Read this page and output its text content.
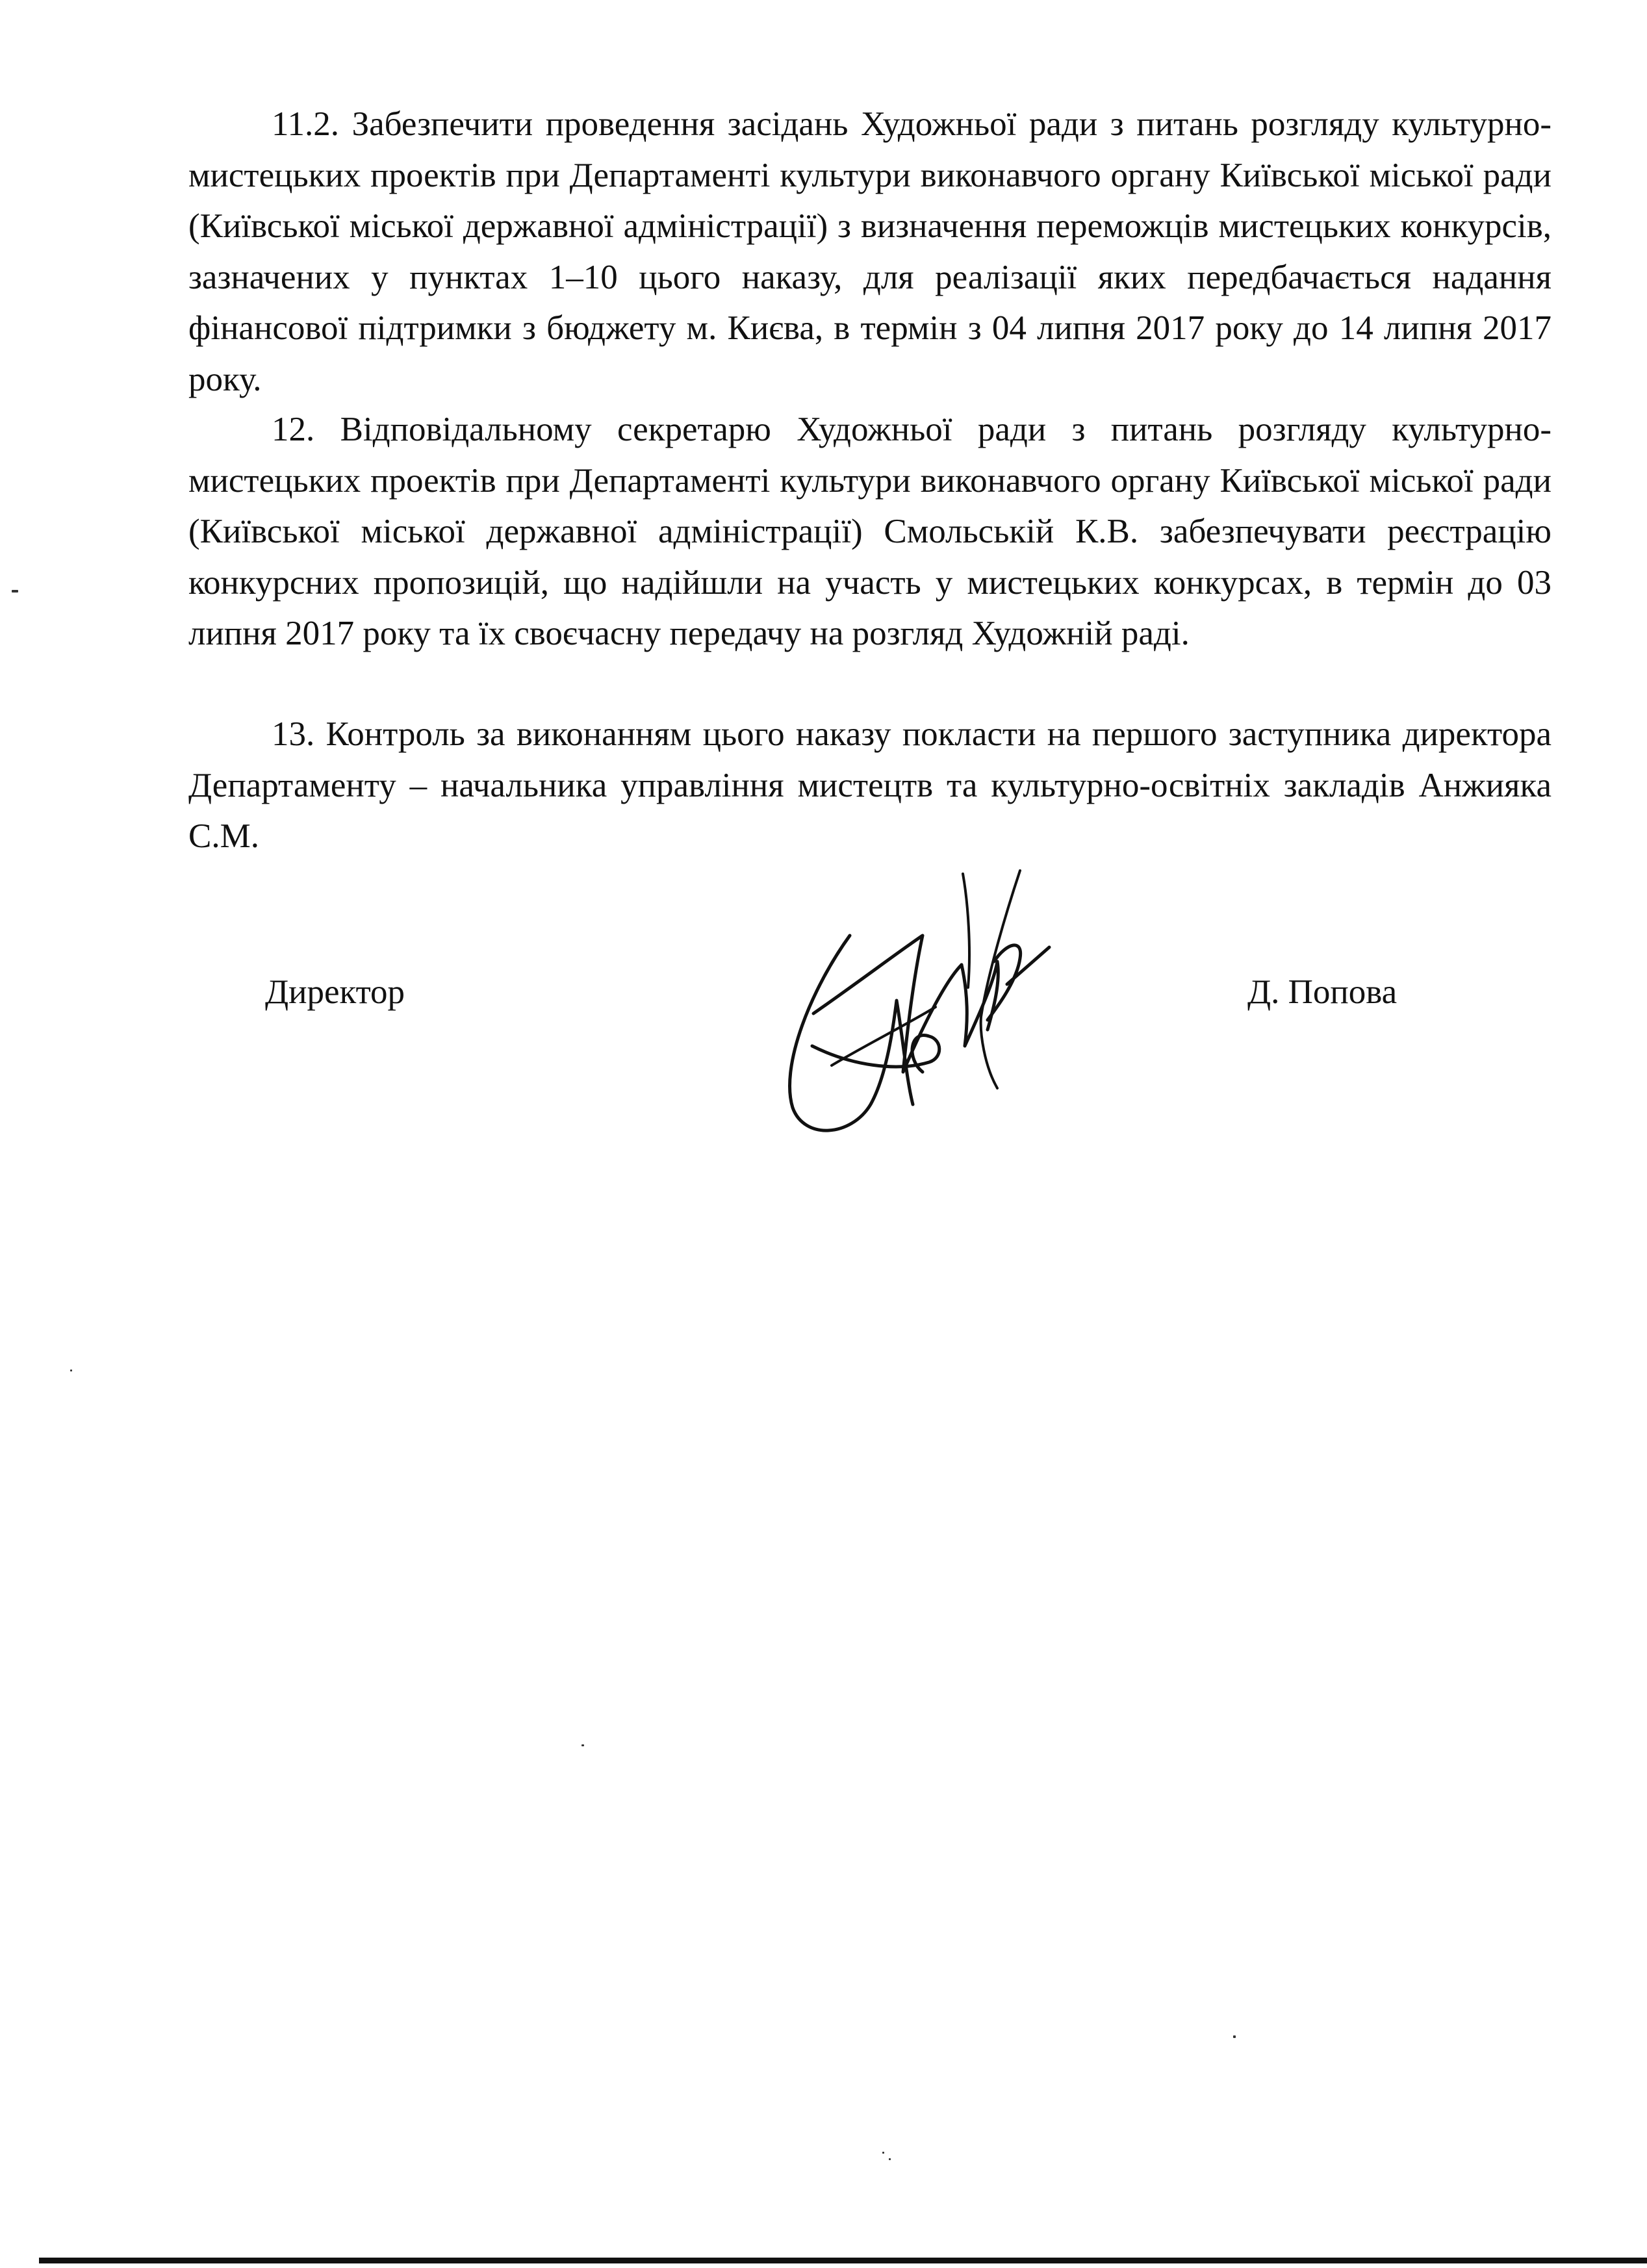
11.2. Забезпечити проведення засідань Художньої ради з питань розгляду культурно-мистецьких проектів при Департаменті культури виконавчого органу Київської міської ради (Київської міської державної адміністрації) з визначення переможців мистецьких конкурсів, зазначених у пунктах 1–10 цього наказу, для реалізації яких передбачається надання фінансової підтримки з бюджету м. Києва, в термін з 04 липня 2017 року до 14 липня 2017 року.

12. Відповідальному секретарю Художньої ради з питань розгляду культурно-мистецьких проектів при Департаменті культури виконавчого органу Київської міської ради (Київської міської державної адміністрації) Смольській К.В. забезпечувати реєстрацію конкурсних пропозицій, що надійшли на участь у мистецьких конкурсах, в термін до 03 липня 2017 року та їх своєчасну передачу на розгляд Художній раді.

13. Контроль за виконанням цього наказу покласти на першого заступника директора Департаменту – начальника управління мистецтв та культурно-освітніх закладів Анжияка С.М.

Директор	Д. Попова
